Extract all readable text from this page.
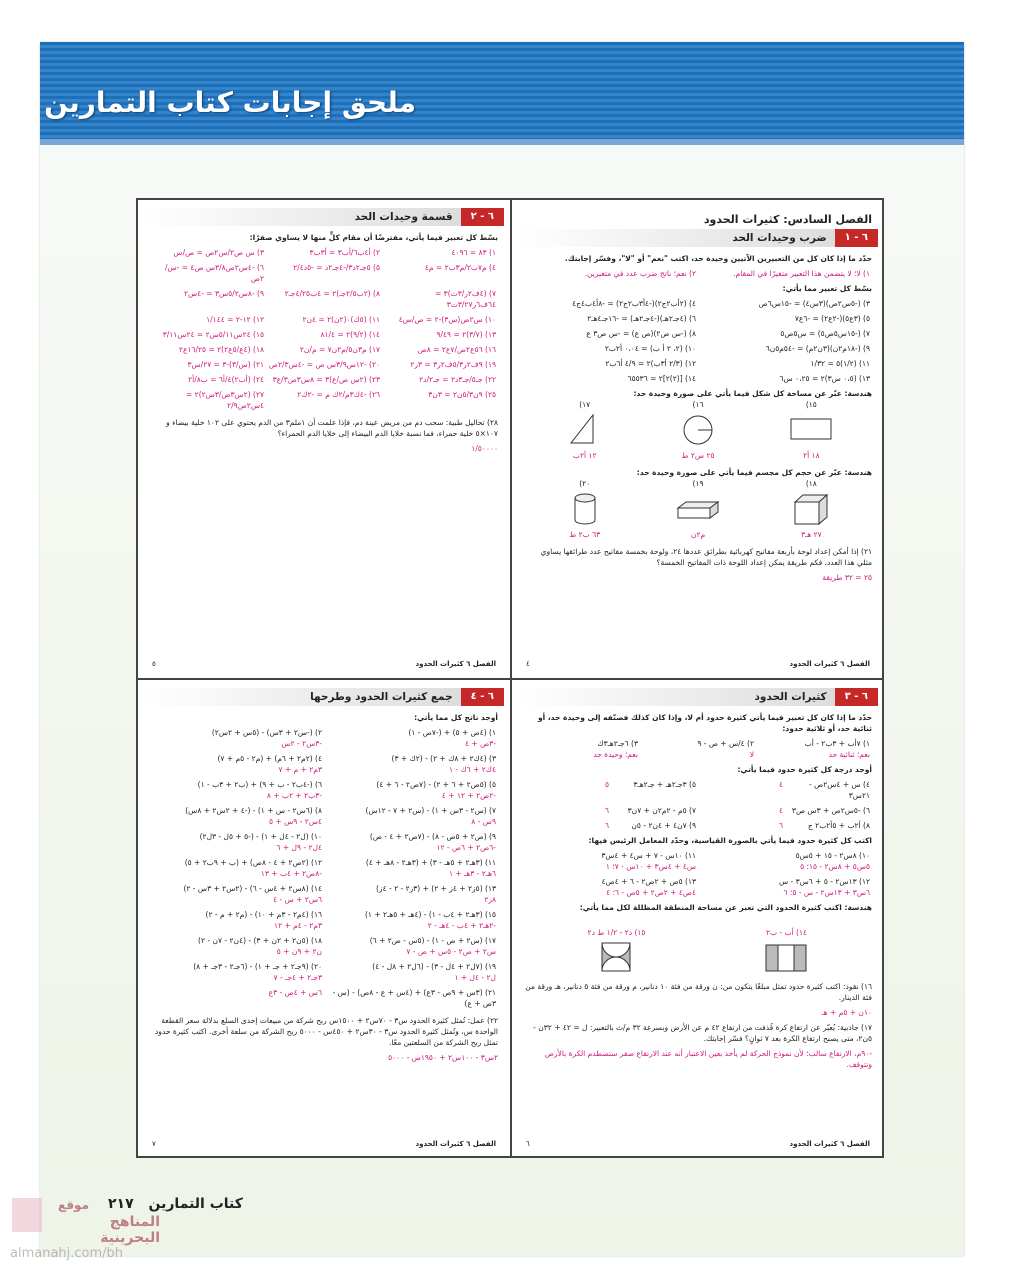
ملحق إجابات كتاب التمارين
الفصل السادس: كثيرات الحدود
٦ - ١
ضرب وحيدات الحد
حدّد ما إذا كان كل من التعبيرين الآتيين وحيدة حد، اكتب "نعم" أو "لا"، وفسّر إجابتك.
١) لا؛ لا يتضمن هذا التعبير متغيرًا في المقام.
٢) نعم؛ ناتج ضرب عدد في متغيرين.
بسّط كل تعبير مما يأتي:
٣) (-٥س٢ص)(٣س٤) = -١٥س٦ص
٤) (٢أب٢ج٢)(-٤أ٣ب٢ج٢) = -٨أ٤ب٤ج٤
٥) (٣ع٥)(-٢ع٢) = -٦ع٧
٦) (٤جـ٢هـ)(-٤جـ٢هـ) = -١٦جـ٤هـ٢
٧) (-١٥س٥ص٥) = س٥ص٥
٨) (-س ص٢)(ص ع) = -س ص٣ ع
٩) (-١٨م٢ن)(٣ن٢م) = -٥٤م٥ن٦
١٠) (٢، ٢ أ ب) = ٠،٠٤ أ٢ب٢
١١) (١/٢)٥ = ١/٣٢
١٢) (٢/٣ أ٣ب)٢ = ٤/٩ أ٦ب٢
١٣) (٠،٥ س٣)٢ = ٠،٢٥ س٦
١٤) [(٢)٢]٢ = ٦٥٥٣٦
هندسة: عبّر عن مساحة كل شكل فيما يأتي على صورة وحيدة حد:
١٥)
١٨ أ٢
١٦)
٢٥ س٢ ط
١٧)
١٢ أ٢ب
هندسة: عبّر عن حجم كل مجسم فيما يأتي على صورة وحيدة حد:
١٨)
٢٧ هـ٣
١٩)
م٢ن
٢٠)
٦٣ ب٢ ط
٢١) إذا أمكن إعداد لوحة بأربعة مفاتيح كهربائية بطرائق عددها ٢٤، ولوحة بخمسة مفاتيح عدد طرائقها يساوي مثلي هذا العدد، فكم طريقة يمكن إعداد اللوحة ذات المفاتيح الخمسة؟
٢٥ = ٣٢ طريقة
الفصل ٦ كثيرات الحدود
٤
٦ - ٢
قسمة وحيدات الحد
بسّط كل تعبير فيما يأتي، مفترضًا أن مقام كلٍّ منها لا يساوي صفرًا:
١) ٨٣ = ٤٠٩٦
٢) أ٤ب٦/أب٣ = أ٣ب٣
٣) س ص٢/س٢ص = ص/س
٤) م٧ب٢/م٣ب٢ = م٤
٥) ٥جـ٢د٣/-٤جـ٢د = -٥د٢/٤
٦) -٤س٢ص٣/٨س ص٤ = -س/٢ص
٧) (٤ف٢ر/٣ت)٣ = ٦٤ف٦ر٣/٢٧ت٣
٨) (٢ب٢/٥جـ)٢ = ٤ب٤/٢٥جـ٢
٩) -٨س٥/٢س٣ = -٤س٢
١٠) س٢ص(س٣)-٢ = ص/س٤
١١) (٥ك)٠(٢ن)٢ = ٤ن٢
١٢) ١٢-٢ = ١/١٤٤
١٣) (٣/٧)٢ = ٩/٤٩
١٤) (٩/٢)٢ = ٨١/٤
١٥) ٢٤س٥/١١س٢ = ٢٤س٣/١١
١٦) ٥٦ع٢ص/٧ع٢ = ٨ص
١٧) م٣ن٥/م٢ن٧ = م/ن٢
١٨) (٤ع/٥ع٢)٢ = ١٦/٢٥ع٢
١٩) ٩ف٢ر٥/٣ف٢ر٣ = ٣ر٢
٢٠) -١٢س٣/٩س ص = -٤س٢/٣ص
٢١) (س/٣)-٣ = ٢٧/س٣
٢٢) جـ٥/جـ٣د٢ = جـ٢/د٢
٢٣) (٢س ص/ع)٣ = ٨س٣ص٣/ع٣
٢٤) (أب٢)٤/أ٦ = ب٨/أ٢
٢٥) ٩ن٥/٣ن٢ = ٣ن٣
٢٦) -٤ك٣م/٢ك م = -٢ك٢
٢٧) (٢س٣ص/٣س٢)٢ = ٤س٢ص٢/٩
٢٨) تحاليل طبية: سحب دم من مريض عينة دم، فإذا علمت أن ١ملم٣ من الدم يحتوي على ١٠٢ خلية بيضاء و ١٠٧×٥ خلية حمراء، فما نسبة خلايا الدم البيضاء إلى خلايا الدم الحمراء؟
١/٥٠٠٠٠
الفصل ٦ كثيرات الحدود
٥
٦ - ٣
كثيرات الحدود
حدّد ما إذا كان كل تعبير فيما يأتي كثيرة حدود أم لا، وإذا كان كذلك فصنّفه إلى وحيدة حد، أو ثنائية حد، أو ثلاثية حدود:
١) ٧أب + ٣ب٢ - أب
نعم؛ ثنائية حد
٢) ٤/س + ص - ٩
لا
٣) ٦جـ٢هـ٣ك
نعم؛ وحيدة حد
أوجد درجة كل كثيرة حدود فيما يأتي:
٤) س + ٤س٢ص - ٢١س٣
٤
٥) ٣جـ٢هـ + جـ٢هـ٣
٥
٦) -٥س٢ص + ٣س ص٣
٤
٧) ٥م - ٢م٢ن + ٧ن٣
٦
٨) أ٢ب + ٥أ٢ب٢ ج
٦
٩) ٧ن٤ + ٤ن٢ - ٥ن
٦
اكتب كل كثيرة حدود فيما يأتي بالصورة القياسية، وحدّد المعامل الرئيس فيها:
١٠) ٨س٢ - ١٥ + ٥س٥
٥س٥ + ٨س٢ - ١٥؛ ٥
١١) ١٠س - ٧ + س٤ + ٤س٣
س٤ + ٤س٣ + ١٠س - ٧؛ ١
١٢) ١٣س٢ - ٥ + ٦س٣ - س
٦س٣ + ١٣س٢ - س - ٥؛ ٦
١٣) ٥ص + ٢ص٢ - ٦ + ٤ص٤
٤ص٤ + ٢ص٢ + ٥ص - ٦؛ ٤
هندسة: اكتب كثيرة الحدود التي تعبر عن مساحة المنطقة المظللة لكل مما يأتي:
١٤) أب - ب٢
١٥) د٢ - ١/٢ ط د٢
١٦) نقود: اكتب كثيرة حدود تمثل مبلغًا يتكون من: ن ورقة من فئة ١٠ دنانير، م ورقة من فئة ٥ دنانير، هـ ورقة من فئة الدينار.
١٠ن + ٥م + هـ
١٧) جاذبية: يُعبّر عن ارتفاع كرة قُذفت من ارتفاع ٤٢ م عن الأرض وبسرعة ٣٢ م/ث بالتعبير: ل = ٤٢ + ٣٢ن - ٥ن٢، متى يصبح ارتفاع الكرة بعد ٧ ثوانٍ؟ فسّر إجابتك.
-٩٠م، الارتفاع سالب؛ لأن نموذج الحركة لم يأخذ بعين الاعتبار أنه عند الارتفاع صفر ستصطدم الكرة بالأرض وتتوقف.
الفصل ٦ كثيرات الحدود
٦
٦ - ٤
جمع كثيرات الحدود وطرحها
أوجد ناتج كل مما يأتي:
١) (٤ص + ٥) + (-٧ص - ١)
-٣ص + ٤
٢) (-س٢ + ٣س) - (٥س + ٢س٢)
-٣س٢ - ٢س
٣) (٤ك٢ + ٨ك + ٢) - (٢ك + ٣)
٤ك٢ + ٦ك - ١
٤) (٢م٢ + ٦م) + (م٢ - ٥م + ٧)
٣م٢ + م + ٧
٥) (٥ص٢ + ٦ + ٢) - (٧ص٢ - ٦ + ٤)
-٢ص٢ + ١٢ + ٤
٦) (-٤ب٢ - ب + ٩) + (ب٢ + ٣ب - ١)
-٣ب٢ + ٢ب + ٨
٧) (س٢ - ٣س + ١) - (س٢ + ٧ - ١٢س)
٩س - ٨
٨) (٦س٢ - س + ١) - (-٤ + ٢س٢ + ٨س)
٤س٢ - ٩س + ٥
٩) (ص٢ + ٥ص - ٨) - (٧ص٢ + ٤ - ص)
-٦ص٢ + ٦ص - ١٢
١٠) (ل٢ - ٤ل + ١) - (-٥ + ٥ل - ٣ل٢)
٤ل٢ - ٩ل + ٦
١١) (٣هـ٢ + ٥هـ - ٣) + (٣هـ٢ - ٨هـ + ٤)
٦هـ٢ - ٣هـ + ١
١٢) (٢ص٢ + ٤ - ٨ص) + (ب + ٩ب٢ + ٥)
-٨ص٢ + ٤ب + ١٣
١٣) (٥ز٢ + ٤ز + ٢) + (٣ز٢ - ٢ - ٤ز)
٨ز٢
١٤) (٨س٢ + ٤س - ٦) - (٢س٢ + ٣س - ٢)
٦س٢ + س - ٤
١٥) (٣هـ٢ + ٤ب - ١) - (٤هـ + ٥هـ٢ + ١)
-٢هـ٢ + ٤ب - ٤هـ - ٢
١٦) (٤م٢ - ٣م + ١٠) - (م٢ + م - ٢)
٣م٢ - ٤م + ١٢
١٧) (س٢ + ص - ١) - (٥س - ص٢ + ٦)
س٢ + ص٢ - ٥س + ص - ٧
١٨) (٥ن٢ + ٢ن + ٣) - (٤ن٢ - ٧ن - ٢)
ن٢ + ٩ن + ٥
١٩) (٧ل٢ + ٤ل - ٣) - (٦ل٢ + ٨ل - ٤)
ل٢ - ٤ل + ١
٢٠) (٩جـ٢ + جـ + ١) - (٦جـ٢ - ٣جـ + ٨)
٣جـ٢ + ٤جـ - ٧
٢١) (٣س + ٩ص - ٣ع) + (٤س + ع - ٨ص) - (س - ٣ص + ع)
٦س + ٤ص - ٣ع
٢٢) عمل: تُمثل كثيرة الحدود س٣ - ٧٠س٢ + ١٥٠٠س ربح شركة من مبيعات إحدى السلع بدلالة سعر القطعة الواحدة س، وتُمثل كثيرة الحدود س٣ - ٣٠س٢ + ٤٥٠س - ٥٠٠٠ ربح الشركة من سلعة أخرى. اكتب كثيرة حدود تمثل ربح الشركة من السلعتين معًا.
٢س٣ - ١٠٠س٢ + ١٩٥٠س - ٥٠٠٠
الفصل ٦ كثيرات الحدود
٧
كتاب التمارين ٢١٧
موقع
المناهج البحرينية
almanahj.com/bh
